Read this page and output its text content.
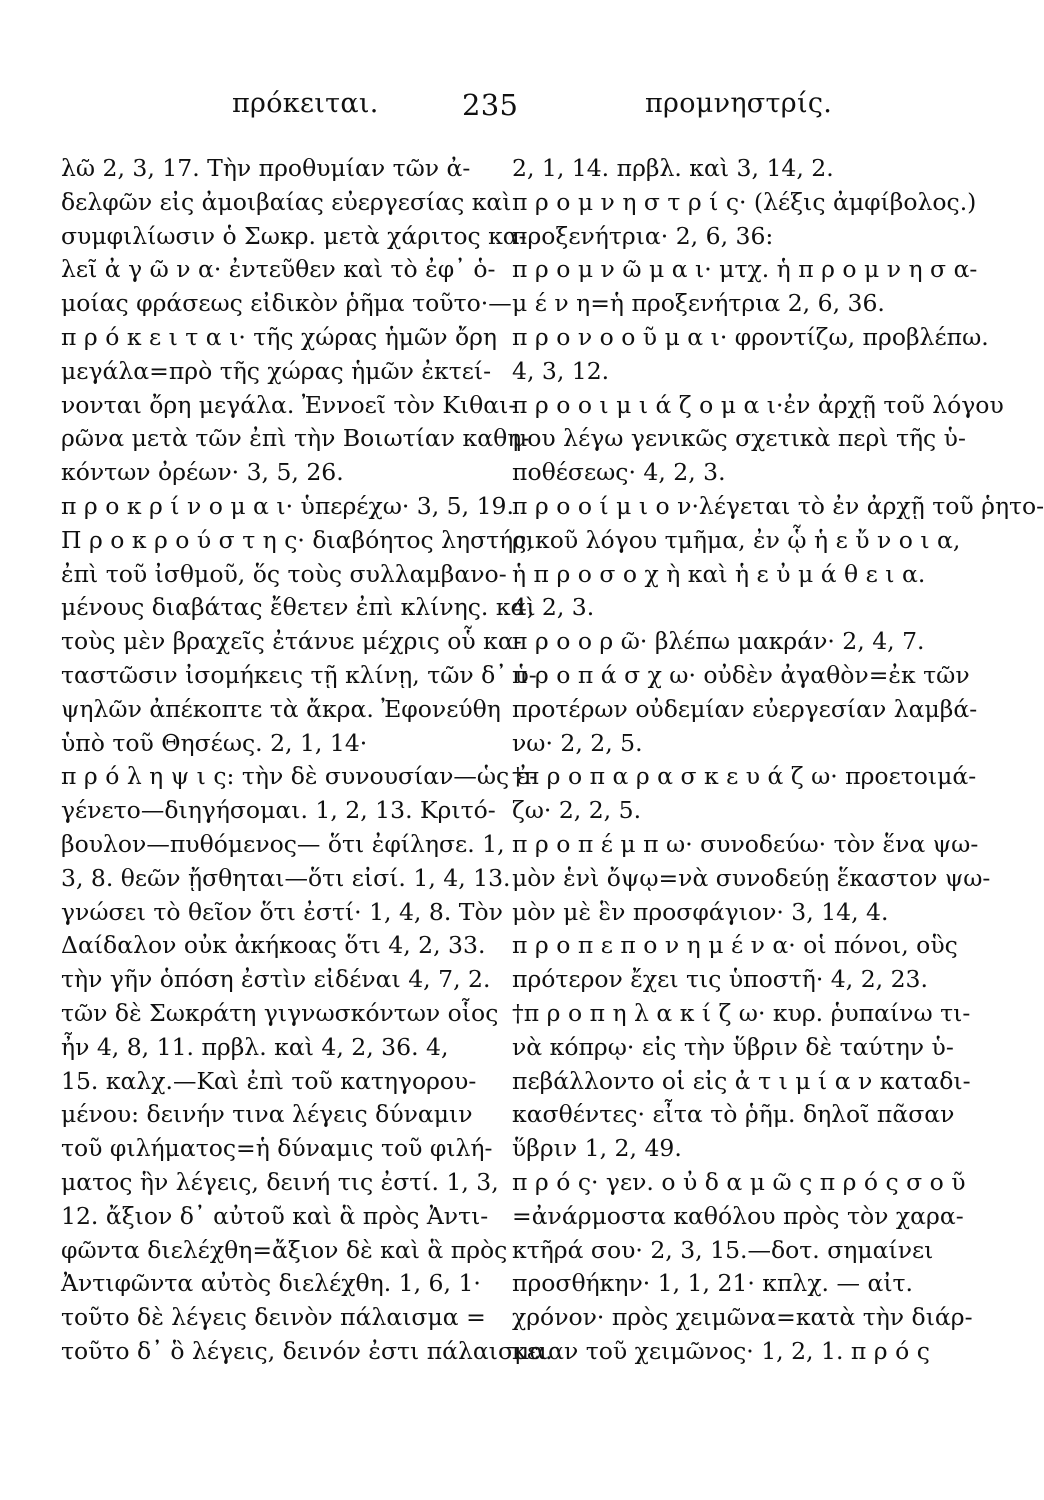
πρόκειται.	235	προμνηστρίς.
λῶ 2, 3, 17. Τὴν προθυμίαν τῶν ἀ-
δελφῶν εἰς ἀμοιβαίας εὐεργεσίας καὶ
συμφιλίωσιν ὁ Σωκρ. μετὰ χάριτος κα-
λεῖ ἀ γ ῶ ν α· ἐντεῦθεν καὶ τὸ ἐφ᾿ ὁ-
μοίας φράσεως εἰδικὸν ῥῆμα τοῦτο·—
π ρ ό κ ε ι τ α ι· τῆς χώρας ἡμῶν ὄρη
μεγάλα=πρὸ τῆς χώρας ἡμῶν ἐκτεί-
νονται ὄρη μεγάλα. Ἐννοεῖ τὸν Κιθαι-
ρῶνα μετὰ τῶν ἐπὶ τὴν Βοιωτίαν καθη-
κόντων ὀρέων· 3, 5, 26.
π ρ ο κ ρ ί ν ο μ α ι· ὑπερέχω· 3, 5, 19.
Π ρ ο κ ρ ο ύ σ τ η ς· διαβόητος ληστής,
ἐπὶ τοῦ ἰσθμοῦ, ὅς τοὺς συλλαμβανο-
μένους διαβάτας ἔθετεν ἐπὶ κλίνης. καὶ
τοὺς μὲν βραχεῖς ἐτάνυε μέχρις οὗ κα-
ταστῶσιν ἰσομήκεις τῇ κλίνῃ, τῶν δ᾿ ὑ-
ψηλῶν ἀπέκοπτε τὰ ἄκρα. Ἐφονεύθη
ὑπὸ τοῦ Θησέως. 2, 1, 14·
π ρ ό λ η ψ ι ς: τὴν δὲ συνουσίαν—ὡς ἐ-
γένετο—διηγήσομαι. 1, 2, 13. Κριτό-
βουλον—πυθόμενος— ὅτι ἐφίλησε. 1,
3, 8. θεῶν ᾔσθηται—ὅτι εἰσί. 1, 4, 13.
γνώσει τὸ θεῖον ὅτι ἐστί· 1, 4, 8. Τὸν
Δαίδαλον οὐκ ἀκήκοας ὅτι 4, 2, 33.
τὴν γῆν ὁπόση ἐστὶν εἰδέναι 4, 7, 2.
τῶν δὲ Σωκράτη γιγνωσκόντων οἷος
ἦν 4, 8, 11. πρβλ. καὶ 4, 2, 36. 4,
15. καλχ.—Καὶ ἐπὶ τοῦ κατηγορου-
μένου: δεινήν τινα λέγεις δύναμιν
τοῦ φιλήματος=ἡ δύναμις τοῦ φιλή-
ματος ἣν λέγεις, δεινή τις ἐστί. 1, 3,
12. ἄξιον δ᾿ αὐτοῦ καὶ ἃ πρὸς Ἀντι-
φῶντα διελέχθη=ἄξιον δὲ καὶ ἃ πρὸς
Ἀντιφῶντα αὐτὸς διελέχθη. 1, 6, 1·
τοῦτο δὲ λέγεις δεινὸν πάλαισμα =
τοῦτο δ᾿ ὃ λέγεις, δεινόν ἐστι πάλαισμα.
2, 1, 14. πρβλ. καὶ 3, 14, 2.
π ρ ο μ ν η σ τ ρ ί ς· (λέξις ἀμφίβολος.)
προξενήτρια· 2, 6, 36:
π ρ ο μ ν ῶ μ α ι· μτχ. ἡ π ρ ο μ ν η σ α-
μ έ ν η=ἡ προξενήτρια 2, 6, 36.
π ρ ο ν ο ο ῦ μ α ι· φροντίζω, προβλέπω.
4, 3, 12.
π ρ ο ο ι μ ι ά ζ ο μ α ι·ἐν ἀρχῇ τοῦ λόγου
μου λέγω γενικῶς σχετικὰ περὶ τῆς ὑ-
ποθέσεως· 4, 2, 3.
π ρ ο ο ί μ ι ο ν·λέγεται τὸ ἐν ἀρχῇ τοῦ ῥητο-
ρικοῦ λόγου τμῆμα, ἐν ᾧ ἡ ε ὔ ν ο ι α,
ἡ π ρ ο σ ο χ ὴ καὶ ἡ ε ὐ μ ά θ ε ι α.
4, 2, 3.
π ρ ο ο ρ ῶ· βλέπω μακράν· 2, 4, 7.
π ρ ο π ά σ χ ω· οὐδὲν ἀγαθὸν=ἐκ τῶν
προτέρων οὐδεμίαν εὐεργεσίαν λαμβά-
νω· 2, 2, 5.
†π ρ ο π α ρ α σ κ ε υ ά ζ ω· προετοιμά-
ζω· 2, 2, 5.
π ρ ο π έ μ π ω· συνοδεύω· τὸν ἕνα ψω-
μὸν ἑνὶ ὄψῳ=νὰ συνοδεύῃ ἕκαστον ψω-
μὸν μὲ ἓν προσφάγιον· 3, 14, 4.
π ρ ο π ε π ο ν η μ έ ν α· οἱ πόνοι, οὓς
πρότερον ἔχει τις ὑποστῆ· 4, 2, 23.
†π ρ ο π η λ α κ ί ζ ω· κυρ. ῥυπαίνω τι-
νὰ κόπρῳ· εἰς τὴν ὕβριν δὲ ταύτην ὑ-
πεβάλλοντο οἱ εἰς ἀ τ ι μ ί α ν καταδι-
κασθέντες· εἶτα τὸ ῥῆμ. δηλοῖ πᾶσαν
ὕβριν 1, 2, 49.
π ρ ό ς· γεν. ο ὐ δ α μ ῶ ς π ρ ό ς σ ο ῦ
=ἀνάρμοστα καθόλου πρὸς τὸν χαρα-
κτῆρά σου· 2, 3, 15.—δοτ. σημαίνει
προσθήκην· 1, 1, 21· κπλχ. — αἰτ.
χρόνον· πρὸς χειμῶνα=κατὰ τὴν διάρ-
κειαν τοῦ χειμῶνος· 1, 2, 1. π ρ ό ς
